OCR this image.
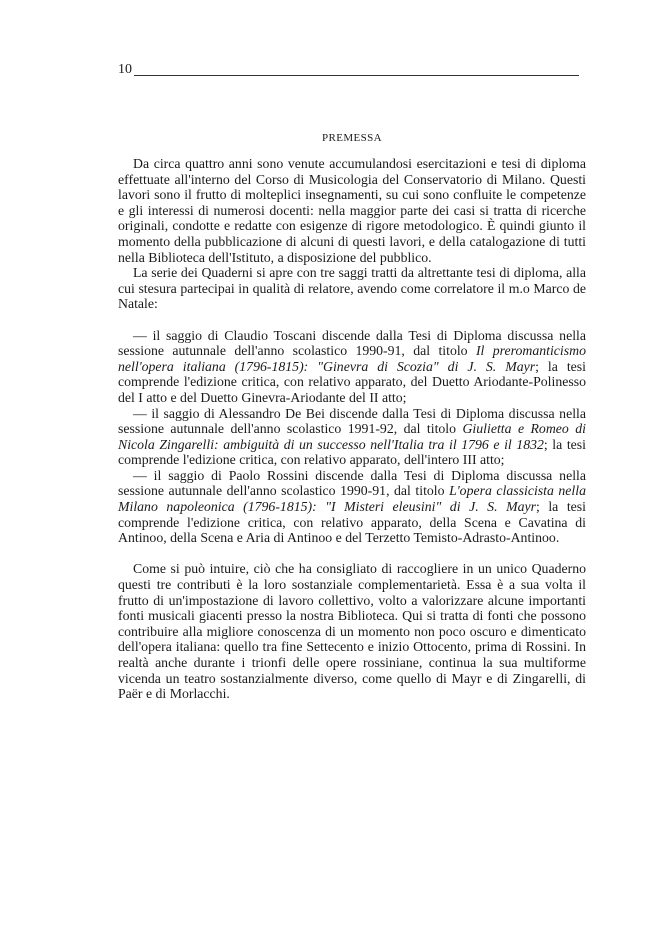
10
PREMESSA

Da circa quattro anni sono venute accumulandosi esercitazioni e tesi di diploma effettuate all'interno del Corso di Musicologia del Conservatorio di Milano. Questi lavori sono il frutto di molteplici insegnamenti, su cui sono confluite le competenze e gli interessi di numerosi docenti: nella maggior parte dei casi si tratta di ricerche originali, condotte e redatte con esigenze di rigore metodologico. È quindi giunto il momento della pubblicazione di alcuni di questi lavori, e della catalogazione di tutti nella Biblioteca dell'Istituto, a disposizione del pubblico.

La serie dei Quaderni si apre con tre saggi tratti da altrettante tesi di diploma, alla cui stesura partecipai in qualità di relatore, avendo come correlatore il m.o Marco de Natale:

— il saggio di Claudio Toscani discende dalla Tesi di Diploma discussa nella sessione autunnale dell'anno scolastico 1990-91, dal titolo Il preromanticismo nell'opera italiana (1796-1815): "Ginevra di Scozia" di J. S. Mayr; la tesi comprende l'edizione critica, con relativo apparato, del Duetto Ariodante-Polinesso del I atto e del Duetto Ginevra-Ariodante del II atto;

— il saggio di Alessandro De Bei discende dalla Tesi di Diploma discussa nella sessione autunnale dell'anno scolastico 1991-92, dal titolo Giulietta e Romeo di Nicola Zingarelli: ambiguità di un successo nell'Italia tra il 1796 e il 1832; la tesi comprende l'edizione critica, con relativo apparato, dell'intero III atto;

— il saggio di Paolo Rossini discende dalla Tesi di Diploma discussa nella sessione autunnale dell'anno scolastico 1990-91, dal titolo L'opera classicista nella Milano napoleonica (1796-1815): "I Misteri eleusini" di J. S. Mayr; la tesi comprende l'edizione critica, con relativo apparato, della Scena e Cavatina di Antinoo, della Scena e Aria di Antinoo e del Terzetto Temisto-Adrasto-Antinoo.

Come si può intuire, ciò che ha consigliato di raccogliere in un unico Quaderno questi tre contributi è la loro sostanziale complementarietà. Essa è a sua volta il frutto di un'impostazione di lavoro collettivo, volto a valorizzare alcune importanti fonti musicali giacenti presso la nostra Biblioteca. Qui si tratta di fonti che possono contribuire alla migliore conoscenza di un momento non poco oscuro e dimenticato dell'opera italiana: quello tra fine Settecento e inizio Ottocento, prima di Rossini. In realtà anche durante i trionfi delle opere rossiniane, continua la sua multiforme vicenda un teatro sostanzialmente diverso, come quello di Mayr e di Zingarelli, di Paër e di Morlacchi.
